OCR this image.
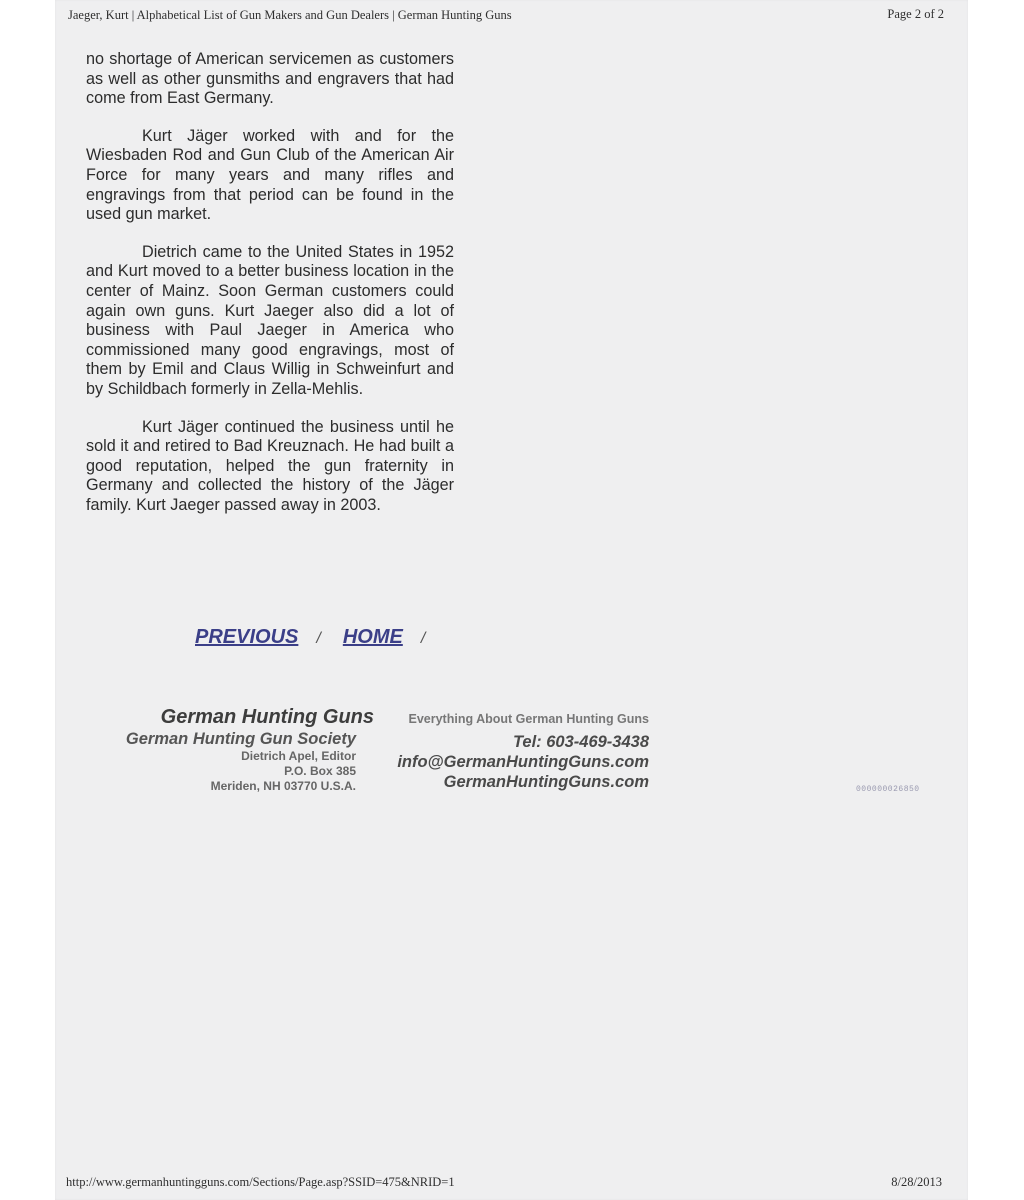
Jaeger, Kurt | Alphabetical List of Gun Makers and Gun Dealers | German Hunting Guns	Page 2 of 2

no shortage of American servicemen as customers as well as other gunsmiths and engravers that had come from East Germany.

Kurt Jäger worked with and for the Wiesbaden Rod and Gun Club of the American Air Force for many years and many rifles and engravings from that period can be found in the used gun market.

Dietrich came to the United States in 1952 and Kurt moved to a better business location in the center of Mainz. Soon German customers could again own guns. Kurt Jaeger also did a lot of business with Paul Jaeger in America who commissioned many good engravings, most of them by Emil and Claus Willig in Schweinfurt and by Schildbach formerly in Zella-Mehlis.

Kurt Jäger continued the business until he sold it and retired to Bad Kreuznach. He had built a good reputation, helped the gun fraternity in Germany and collected the history of the Jäger family. Kurt Jaeger passed away in 2003.

PREVIOUS / HOME /
German Hunting Guns
German Hunting Gun Society
Dietrich Apel, Editor
P.O. Box 385
Meriden, NH 03770 U.S.A.
Everything About German Hunting Guns
Tel: 603-469-3438
info@GermanHuntingGuns.com
GermanHuntingGuns.com	000000026850
http://www.germanhuntingguns.com/Sections/Page.asp?SSID=475&NRID=1	8/28/2013
